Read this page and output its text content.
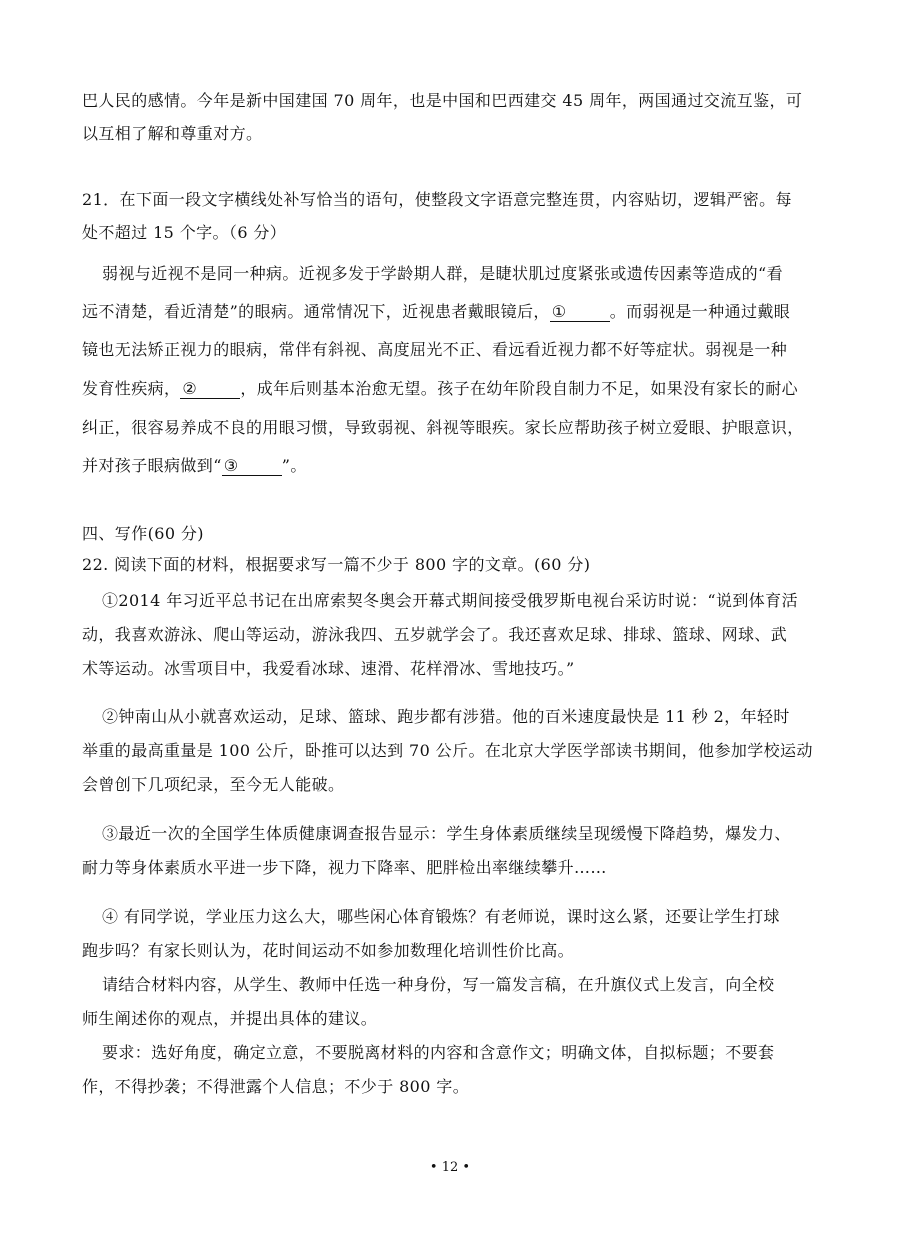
巴人民的感情。今年是新中国建国 70 周年，也是中国和巴西建交 45 周年，两国通过交流互鉴，可
以互相了解和尊重对方。
21．在下面一段文字横线处补写恰当的语句，使整段文字语意完整连贯，内容贴切，逻辑严密。每
处不超过 15 个字。（6 分）
弱视与近视不是同一种病。近视多发于学龄期人群，是睫状肌过度紧张或遗传因素等造成的“看
远不清楚，看近清楚”的眼病。通常情况下，近视患者戴眼镜后， ①	。而弱视是一种通过戴眼
镜也无法矫正视力的眼病，常伴有斜视、高度屈光不正、看远看近视力都不好等症状。弱视是一种
发育性疾病， ②	，成年后则基本治愈无望。孩子在幼年阶段自制力不足，如果没有家长的耐心
纠正，很容易养成不良的用眼习惯，导致弱视、斜视等眼疾。家长应帮助孩子树立爱眼、护眼意识，
并对孩子眼病做到“ ③	”。
四、写作(60 分)
22. 阅读下面的材料，根据要求写一篇不少于 800 字的文章。(60 分)
①2014 年习近平总书记在出席索契冬奥会开幕式期间接受俄罗斯电视台采访时说：“说到体育活
动，我喜欢游泳、爬山等运动，游泳我四、五岁就学会了。我还喜欢足球、排球、篮球、网球、武
术等运动。冰雪项目中，我爱看冰球、速滑、花样滑冰、雪地技巧。”
②钟南山从小就喜欢运动，足球、篮球、跑步都有涉猎。他的百米速度最快是 11 秒 2，年轻时
举重的最高重量是 100 公斤，卧推可以达到 70 公斤。在北京大学医学部读书期间，他参加学校运动
会曾创下几项纪录，至今无人能破。
③最近一次的全国学生体质健康调查报告显示：学生身体素质继续呈现缓慢下降趋势，爆发力、
耐力等身体素质水平进一步下降，视力下降率、肥胖检出率继续攀升……
④ 有同学说，学业压力这么大，哪些闲心体育锻炼？有老师说，课时这么紧，还要让学生打球
跑步吗？有家长则认为，花时间运动不如参加数理化培训性价比高。
请结合材料内容，从学生、教师中任选一种身份，写一篇发言稿，在升旗仪式上发言，向全校
师生阐述你的观点，并提出具体的建议。
要求：选好角度，确定立意，不要脱离材料的内容和含意作文；明确文体，自拟标题；不要套
作，不得抄袭；不得泄露个人信息；不少于 800 字。
• 12 •
